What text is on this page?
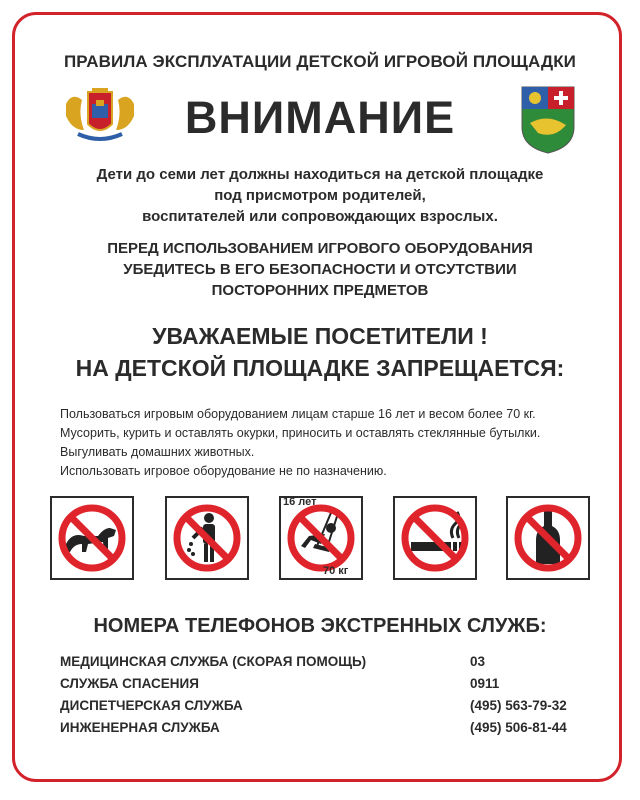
ПРАВИЛА ЭКСПЛУАТАЦИИ ДЕТСКОЙ ИГРОВОЙ ПЛОЩАДКИ
ВНИМАНИЕ
Дети до семи лет должны находиться на детской площадке
под присмотром родителей,
воспитателей или сопровождающих взрослых.
ПЕРЕД ИСПОЛЬЗОВАНИЕМ ИГРОВОГО ОБОРУДОВАНИЯ
УБЕДИТЕСЬ В ЕГО БЕЗОПАСНОСТИ И ОТСУТСТВИИ
ПОСТОРОННИХ ПРЕДМЕТОВ
УВАЖАЕМЫЕ ПОСЕТИТЕЛИ !
НА ДЕТСКОЙ ПЛОЩАДКЕ ЗАПРЕЩАЕТСЯ:
Пользоваться игровым оборудованием лицам старше 16 лет и весом более 70 кг.
Мусорить, курить и оставлять окурки, приносить и оставлять стеклянные бутылки.
Выгуливать домашних животных.
Использовать игровое оборудование не по назначению.
16 лет
70 кг
НОМЕРА ТЕЛЕФОНОВ ЭКСТРЕННЫХ СЛУЖБ:
МЕДИЦИНСКАЯ СЛУЖБА (СКОРАЯ ПОМОЩЬ)	03
СЛУЖБА СПАСЕНИЯ	0911
ДИСПЕТЧЕРСКАЯ СЛУЖБА	(495) 563-79-32
ИНЖЕНЕРНАЯ СЛУЖБА	(495) 506-81-44
